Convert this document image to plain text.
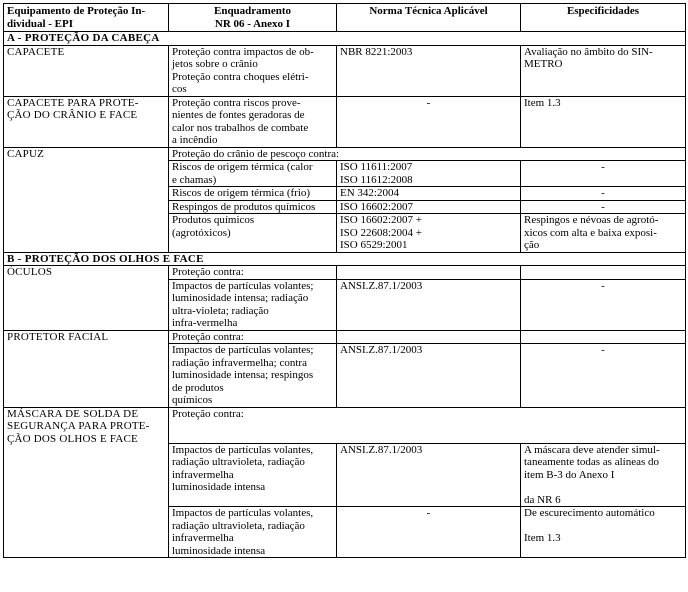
Equipamento de Proteção In-
dividual - EPI	Enquadramento
NR 06 - Anexo I	Norma Técnica Aplicável	Especificidades
A - PROTEÇÃO DA CABEÇA			
CAPACETE	Proteção contra impactos de ob-
jetos sobre o crânio
Proteção contra choques elétri-
cos	NBR 8221:2003	Avaliação no âmbito do SIN-
METRO

CAPACETE PARA PROTE-
ÇÃO DO CRÂNIO E FACE	Proteção contra riscos prove-
nientes de fontes geradoras de
calor nos trabalhos de combate
a incêndio	-	Item 1.3
CAPUZ	Proteção do crânio de pescoço contra:		

	Riscos de origem térmica (calor
e chamas)	ISO 11611:2007
ISO 11612:2008	-
	Riscos de origem térmica (frio)	EN 342:2004	-
	Respingos de produtos químicos	ISO 16602:2007	-

	Produtos químicos
(agrotóxicos)	ISO 16602:2007 +
ISO 22608:2004 +
ISO 6529:2001	Respingos e névoas de agrotó-
xicos com alta e baixa exposi-
ção

B - PROTEÇÃO DOS OLHOS E FACE			
ÓCULOS	Proteção contra:		

	Impactos de partículas volantes;
luminosidade intensa; radiação
ultra-violeta; radiação
infra-vermelha	ANSI.Z.87.1/2003	-
PROTETOR FACIAL	Proteção contra:		

	Impactos de partículas volantes;
radiação infravermelha; contra
luminosidade intensa; respingos
de produtos
químicos	ANSI.Z.87.1/2003	-

MÁSCARA DE SOLDA DE
SEGURANÇA PARA PROTE-
ÇÃO DOS OLHOS E FACE	Proteção contra:		

	Impactos de partículas volantes,
radiação ultravioleta, radiação
infravermelha
luminosidade intensa	ANSI.Z.87.1/2003	A máscara deve atender simul-
taneamente todas as alíneas do
item B-3 do Anexo I
da NR 6

	Impactos de partículas volantes,
radiação ultravioleta, radiação
infravermelha
luminosidade intensa	-	De escurecimento automático
Item 1.3
